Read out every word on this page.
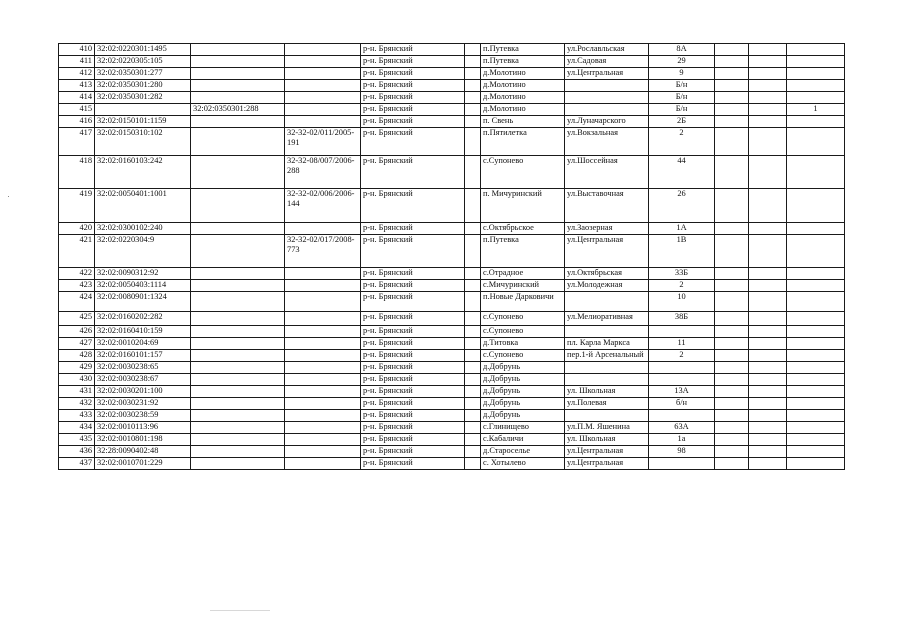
410	32:02:0220301:1495			р-н. Брянский		п.Путевка	ул.Рославльская	8А			
411	32:02:0220305:105			р-н. Брянский		п.Путевка	ул.Садовая	29			
412	32:02:0350301:277			р-н. Брянский		д.Молотино	ул.Центральная	9			
413	32:02:0350301:280			р-н. Брянский		д.Молотино		Б/н			
414	32:02:0350301:282			р-н. Брянский		д.Молотино		Б/н			
415		32:02:0350301:288		р-н. Брянский		д.Молотино		Б/н			1
416	32:02:0150101:1159			р-н. Брянский		п. Свень	ул.Луначарского	2Б			
417	32:02:0150310:102		32-32-02/011/2005-191	р-н. Брянский		п.Пятилетка	ул.Вокзальная	2			
418	32:02:0160103:242		32-32-08/007/2006-288	р-н. Брянский		с.Супонево	ул.Шоссейная	44			
419	32:02:0050401:1001		32-32-02/006/2006-144	р-н. Брянский		п. Мичуринский	ул.Выставочная	26			
420	32:02:0300102:240			р-н. Брянский		с.Октябрьское	ул.Заозерная	1А			
421	32:02:0220304:9		32-32-02/017/2008-773	р-н. Брянский		п.Путевка	ул.Центральная	1В			
422	32:02:0090312:92			р-н. Брянский		с.Отрадное	ул.Октябрьская	33Б			
423	32:02:0050403:1114			р-н. Брянский		с.Мичуринский	ул.Молодежная	2			
424	32:02:0080901:1324			р-н. Брянский		п.Новые Дарковичи		10			
425	32:02:0160202:282			р-н. Брянский		с.Супонево	ул.Мелиоративная	38Б			
426	32:02:0160410:159			р-н. Брянский		с.Супонево					
427	32:02:0010204:69			р-н. Брянский		д.Титовка	пл. Карла Маркса	11			
428	32:02:0160101:157			р-н. Брянский		с.Супонево	пер.1-й Арсенальный	2			
429	32:02:0030238:65			р-н. Брянский		д.Добрунь					
430	32:02:0030238:67			р-н. Брянский		д.Добрунь					
431	32:02:0030201:100			р-н. Брянский		д.Добрунь	ул. Школьная	13А			
432	32:02:0030231:92			р-н. Брянский		д.Добрунь	ул.Полевая	б/н			
433	32:02:0030238:59			р-н. Брянский		д.Добрунь					
434	32:02:0010113:96			р-н. Брянский		с.Глинищево	ул.П.М. Яшенина	63А			
435	32:02:0010801:198			р-н. Брянский		с.Кабаличи	ул. Школьная	1а			
436	32:28:0090402:48			р-н. Брянский		д.Староселье	ул.Центральная	98			
437	32:02:0010701:229			р-н. Брянский		с. Хотылево	ул.Центральная				
